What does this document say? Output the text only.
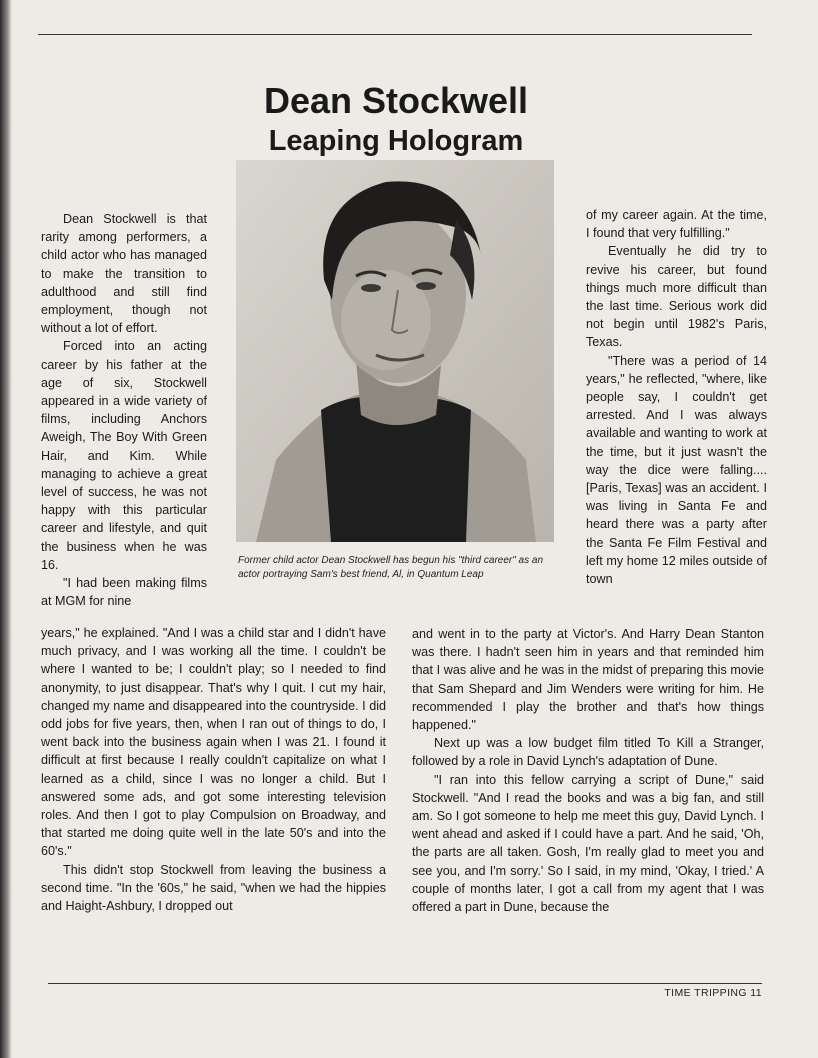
Dean Stockwell
Leaping Hologram
Former child actor Dean Stockwell has begun his "third career" as an actor portraying Sam's best friend, Al, in Quantum Leap

Dean Stockwell is that rarity among performers, a child actor who has managed to make the transition to adulthood and still find employment, though not without a lot of effort.

Forced into an acting career by his father at the age of six, Stockwell appeared in a wide variety of films, including Anchors Aweigh, The Boy With Green Hair, and Kim. While managing to achieve a great level of success, he was not happy with this particular career and lifestyle, and quit the business when he was 16.

"I had been making films at MGM for nine

years," he explained. "And I was a child star and I didn't have much privacy, and I was working all the time. I couldn't be where I wanted to be; I couldn't play; so I needed to find anonymity, to just disappear. That's why I quit. I cut my hair, changed my name and disappeared into the countryside. I did odd jobs for five years, then, when I ran out of things to do, I went back into the business again when I was 21. I found it difficult at first because I really couldn't capitalize on what I learned as a child, since I was no longer a child. But I answered some ads, and got some interesting television roles. And then I got to play Compulsion on Broadway, and that started me doing quite well in the late 50's and into the 60's."

This didn't stop Stockwell from leaving the business a second time. "In the '60s," he said, "when we had the hippies and Haight-Ashbury, I dropped out

of my career again. At the time, I found that very fulfilling."

Eventually he did try to revive his career, but found things much more difficult than the last time. Serious work did not begin until 1982's Paris, Texas.

"There was a period of 14 years," he reflected, "where, like people say, I couldn't get arrested. And I was always available and wanting to work at the time, but it just wasn't the way the dice were falling.... [Paris, Texas] was an accident. I was living in Santa Fe and heard there was a party after the Santa Fe Film Festival and left my home 12 miles outside of town

and went in to the party at Victor's. And Harry Dean Stanton was there. I hadn't seen him in years and that reminded him that I was alive and he was in the midst of preparing this movie that Sam Shepard and Jim Wenders were writing for him. He recommended I play the brother and that's how things happened."

Next up was a low budget film titled To Kill a Stranger, followed by a role in David Lynch's adaptation of Dune.

"I ran into this fellow carrying a script of Dune," said Stockwell. "And I read the books and was a big fan, and still am. So I got someone to help me meet this guy, David Lynch. I went ahead and asked if I could have a part. And he said, 'Oh, the parts are all taken. Gosh, I'm really glad to meet you and see you, and I'm sorry.' So I said, in my mind, 'Okay, I tried.' A couple of months later, I got a call from my agent that I was offered a part in Dune, because the

TIME TRIPPING 11
